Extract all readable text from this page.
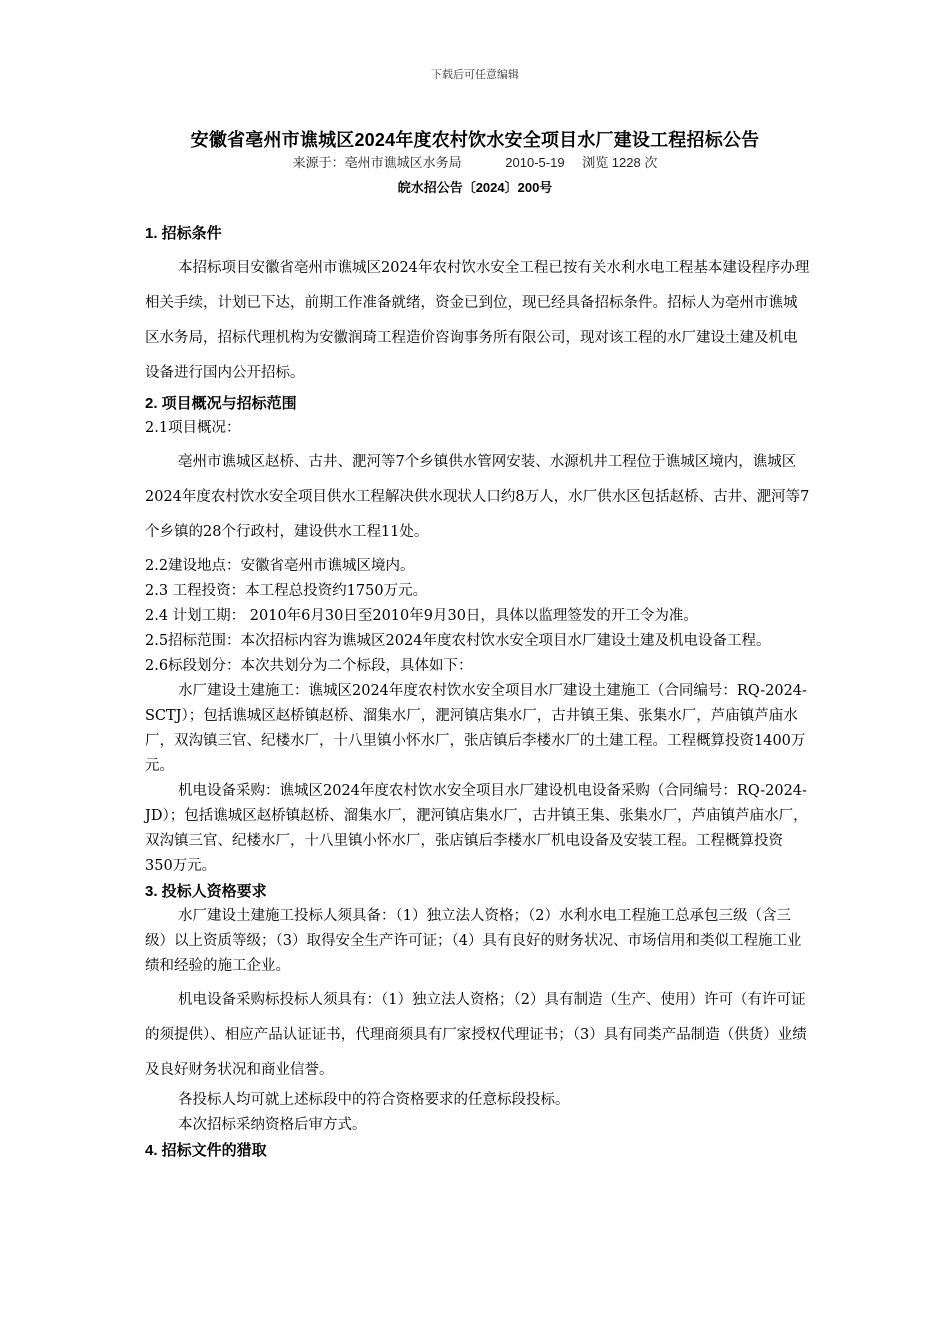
下载后可任意编辑
安徽省亳州市谯城区2024年度农村饮水安全项目水厂建设工程招标公告
来源于：亳州市谯城区水务局	2010-5-19 浏览 1228 次
皖水招公告〔2024〕200号

1. 招标条件

本招标项目安徽省亳州市谯城区2024年农村饮水安全工程已按有关水利水电工程基本建设程序办理相关手续，计划已下达，前期工作准备就绪，资金已到位，现已经具备招标条件。招标人为亳州市谯城区水务局，招标代理机构为安徽润琦工程造价咨询事务所有限公司，现对该工程的水厂建设土建及机电设备进行国内公开招标。

2. 项目概况与招标范围

2.1项目概况：

亳州市谯城区赵桥、古井、淝河等7个乡镇供水管网安装、水源机井工程位于谯城区境内，谯城区2024年度农村饮水安全项目供水工程解决供水现状人口约8万人，水厂供水区包括赵桥、古井、淝河等7个乡镇的28个行政村，建设供水工程11处。

2.2建设地点：安徽省亳州市谯城区境内。

2.3 工程投资：本工程总投资约1750万元。

2.4 计划工期： 2010年6月30日至2010年9月30日，具体以监理签发的开工令为准。

2.5招标范围：本次招标内容为谯城区2024年度农村饮水安全项目水厂建设土建及机电设备工程。

2.6标段划分：本次共划分为二个标段，具体如下：

水厂建设土建施工：谯城区2024年度农村饮水安全项目水厂建设土建施工（合同编号：RQ-2024-SCTJ）；包括谯城区赵桥镇赵桥、溜集水厂，淝河镇店集水厂，古井镇王集、张集水厂，芦庙镇芦庙水厂，双沟镇三官、纪楼水厂，十八里镇小怀水厂，张店镇后李楼水厂的土建工程。工程概算投资1400万元。

机电设备采购：谯城区2024年度农村饮水安全项目水厂建设机电设备采购（合同编号：RQ-2024-JD）；包括谯城区赵桥镇赵桥、溜集水厂，淝河镇店集水厂，古井镇王集、张集水厂，芦庙镇芦庙水厂，双沟镇三官、纪楼水厂，十八里镇小怀水厂，张店镇后李楼水厂机电设备及安装工程。工程概算投资350万元。

3. 投标人资格要求

水厂建设土建施工投标人须具备：（1）独立法人资格；（2）水利水电工程施工总承包三级（含三级）以上资质等级；（3）取得安全生产许可证；（4）具有良好的财务状况、市场信用和类似工程施工业绩和经验的施工企业。

机电设备采购标投标人须具有：（1）独立法人资格；（2）具有制造（生产、使用）许可（有许可证的须提供）、相应产品认证证书，代理商须具有厂家授权代理证书；（3）具有同类产品制造（供货）业绩及良好财务状况和商业信誉。

各投标人均可就上述标段中的符合资格要求的任意标段投标。

本次招标采纳资格后审方式。

4. 招标文件的猎取
